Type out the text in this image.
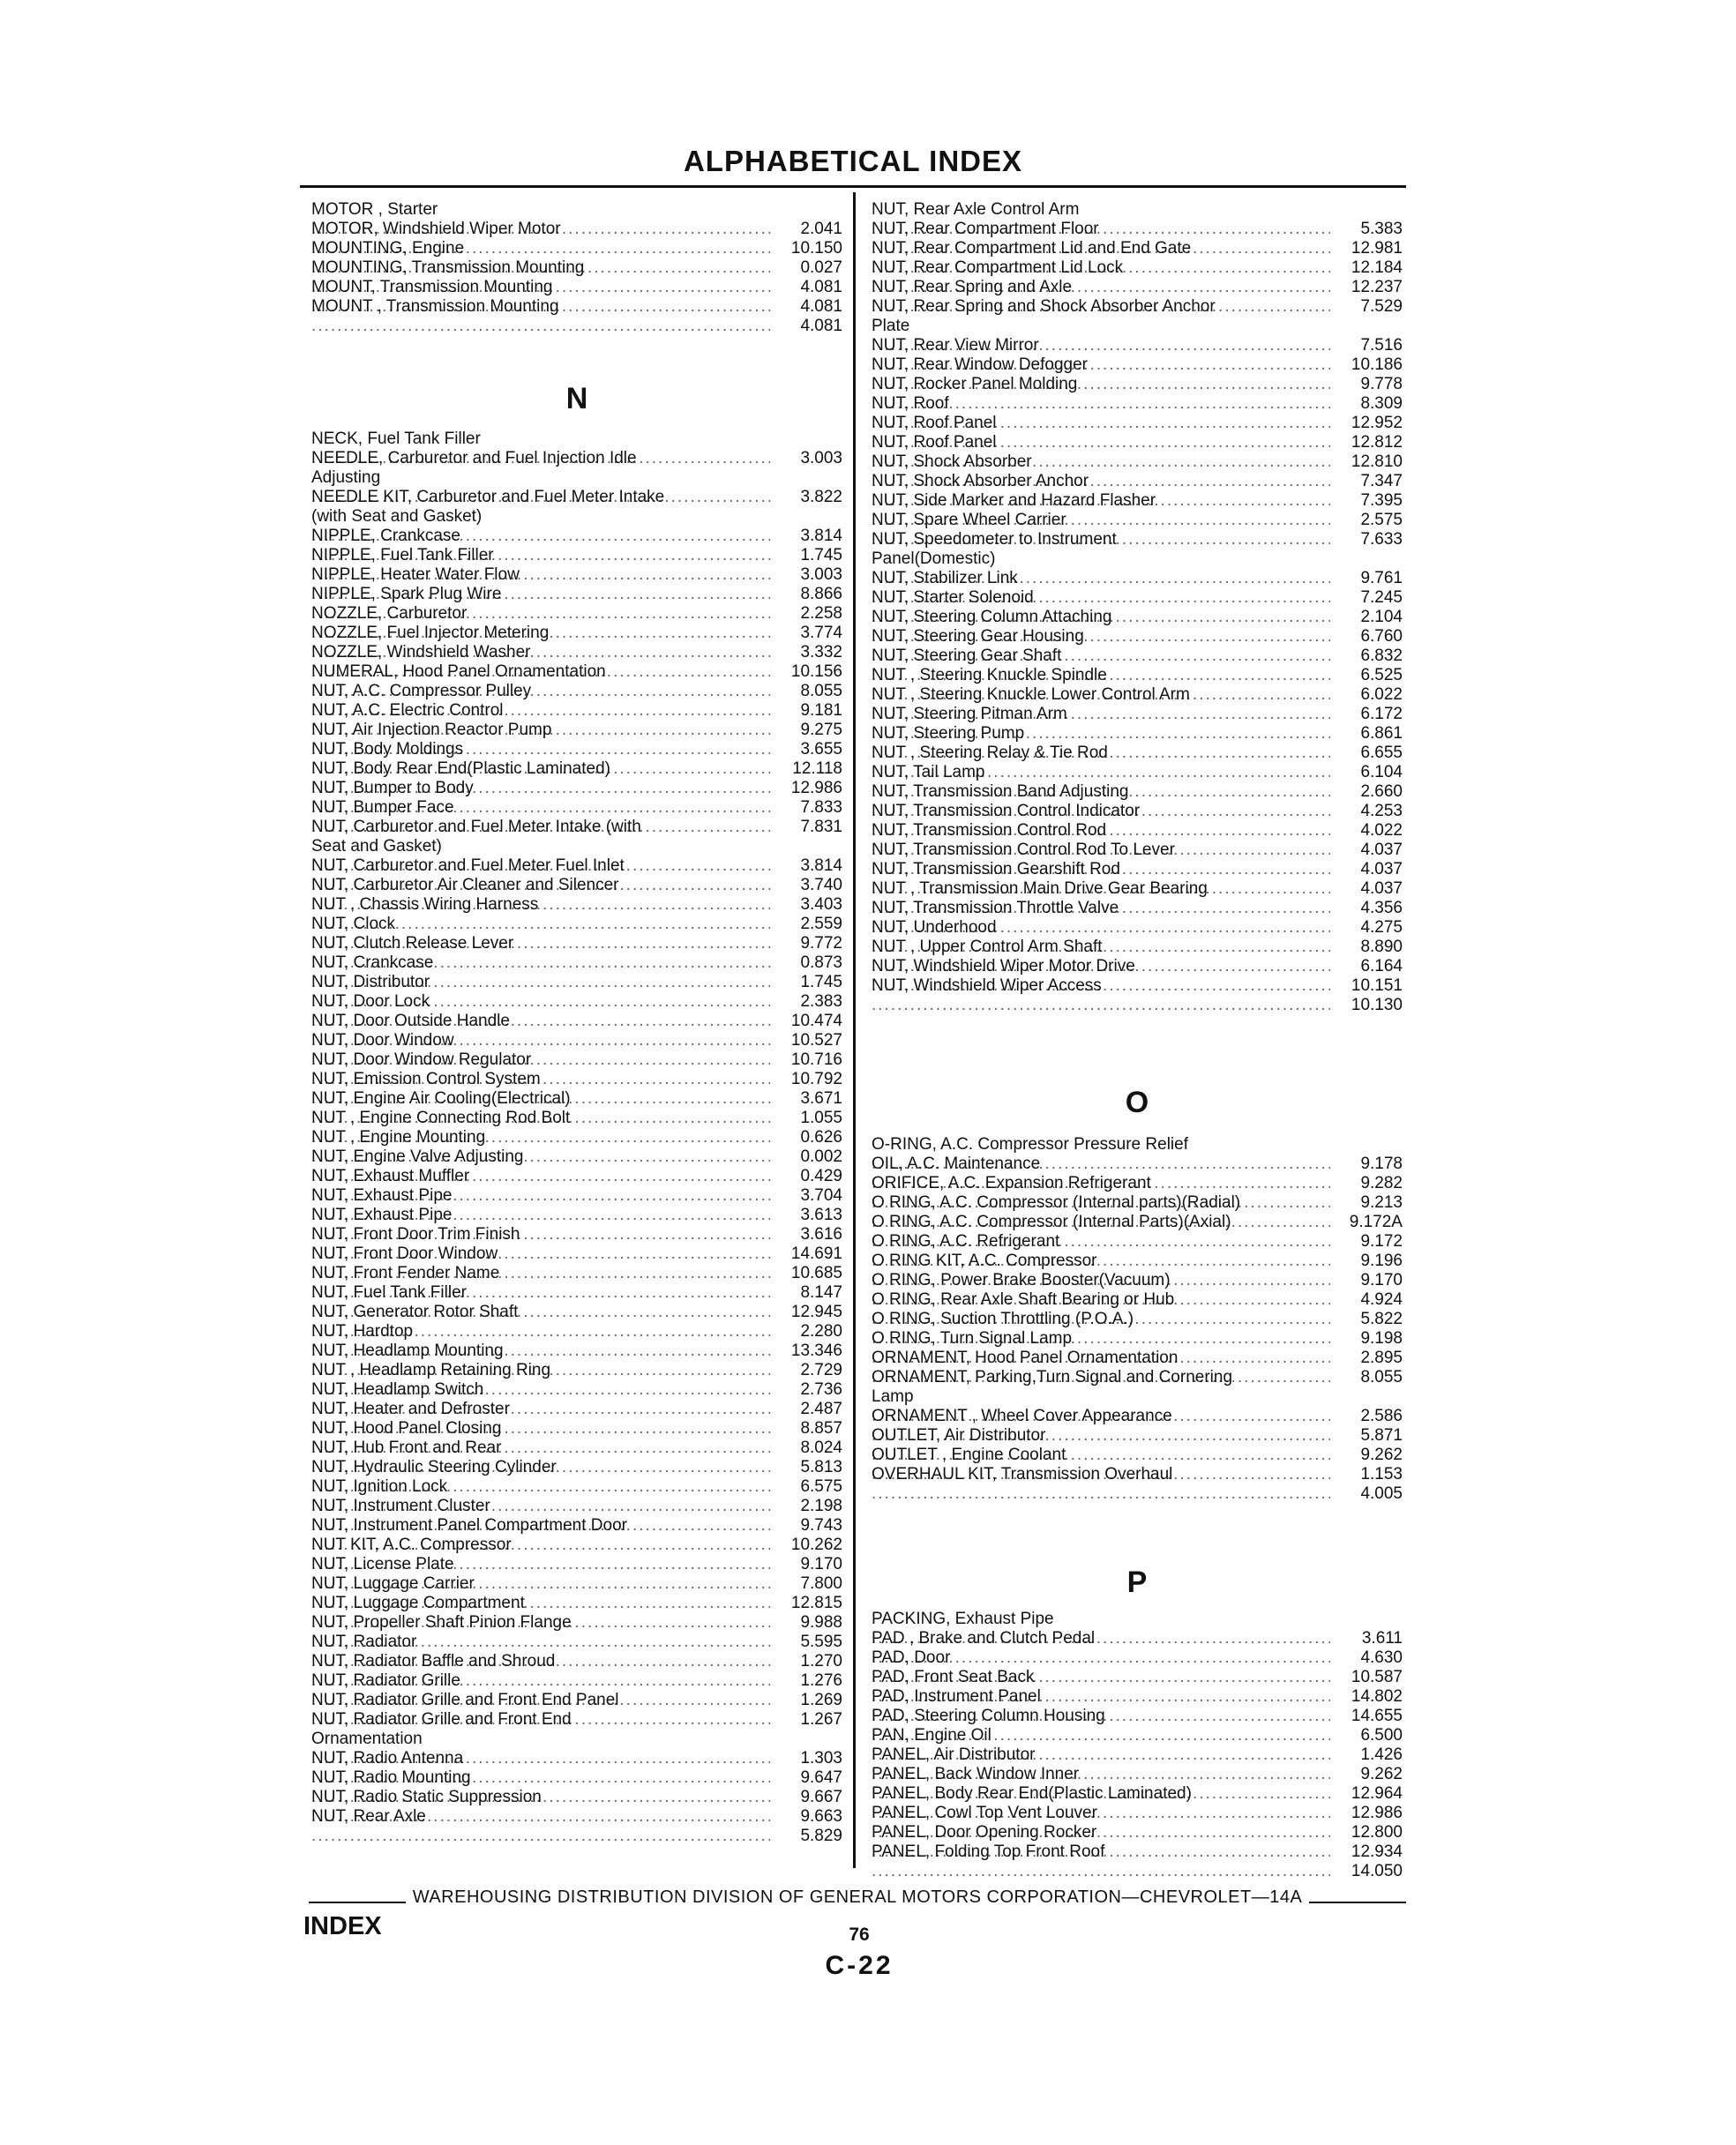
ALPHABETICAL INDEX
MOTOR , Starter .....
2.041
MOTOR, Windshield Wiper Motor .....
10.150
MOUNTING, Engine .....
0.027
MOUNTING, Transmission Mounting .....
4.081
MOUNT, Transmission Mounting .....
4.081
MOUNT , Transmission Mounting .....
4.081
N
NECK, Fuel Tank Filler .....
3.003
NEEDLE, Carburetor and Fuel Injection Idle
Adjusting .....
3.822
NEEDLE KIT, Carburetor and Fuel Meter Intake
(with Seat and Gasket) .....
3.814
NIPPLE, Crankcase .....
1.745
NIPPLE, Fuel Tank Filler .....
3.003
NIPPLE, Heater Water Flow .....
8.866
NIPPLE, Spark Plug Wire .....
2.258
NOZZLE, Carburetor .....
3.774
NOZZLE, Fuel Injector Metering .....
3.332
NOZZLE, Windshield Washer .....
10.156
NUMERAL, Hood Panel Ornamentation .....
8.055
NUT, A.C. Compressor Pulley .....
9.181
NUT, A.C. Electric Control .....
9.275
NUT, Air Injection Reactor Pump .....
3.655
NUT, Body Moldings .....
12.118
NUT, Body Rear End(Plastic Laminated) .....
12.986
NUT, Bumper to Body .....
7.833
NUT, Bumper Face .....
7.831
NUT, Carburetor and Fuel Meter Intake (with
Seat and Gasket) .....
3.814
NUT, Carburetor and Fuel Meter Fuel Inlet .....
3.740
NUT, Carburetor Air Cleaner and Silencer .....
3.403
NUT , Chassis Wiring Harness .....
2.559
NUT, Clock .....
9.772
NUT, Clutch Release Lever .....
0.873
NUT, Crankcase .....
1.745
NUT, Distributor .....
2.383
NUT, Door Lock .....
10.474
NUT, Door Outside Handle .....
10.527
NUT, Door Window .....
10.716
NUT, Door Window Regulator .....
10.792
NUT, Emission Control System .....
3.671
NUT, Engine Air Cooling(Electrical) .....
1.055
NUT , Engine Connecting Rod Bolt .....
0.626
NUT , Engine Mounting .....
0.002
NUT, Engine Valve Adjusting .....
0.429
NUT, Exhaust Muffler .....
3.704
NUT, Exhaust Pipe .....
3.613
NUT, Exhaust Pipe .....
3.616
NUT, Front Door Trim Finish .....
14.691
NUT, Front Door Window .....
10.685
NUT, Front Fender Name .....
8.147
NUT, Fuel Tank Filler .....
12.945
NUT, Generator Rotor Shaft .....
2.280
NUT, Hardtop .....
13.346
NUT, Headlamp Mounting .....
2.729
NUT , Headlamp Retaining Ring .....
2.736
NUT, Headlamp Switch .....
2.487
NUT, Heater and Defroster .....
8.857
NUT, Hood Panel Closing .....
8.024
NUT, Hub Front and Rear .....
5.813
NUT, Hydraulic Steering Cylinder .....
6.575
NUT, Ignition Lock .....
2.198
NUT, Instrument Cluster .....
9.743
NUT, Instrument Panel Compartment Door .....
10.262
NUT KIT, A.C. Compressor .....
9.170
NUT, License Plate .....
7.800
NUT, Luggage Carrier .....
12.815
NUT, Luggage Compartment .....
9.988
NUT, Propeller Shaft Pinion Flange .....
5.595
NUT, Radiator .....
1.270
NUT, Radiator Baffle and Shroud .....
1.276
NUT, Radiator Grille .....
1.269
NUT, Radiator Grille and Front End Panel .....
1.267
NUT, Radiator Grille and Front End
Ornamentation .....
1.303
NUT, Radio Antenna .....
9.647
NUT, Radio Mounting .....
9.667
NUT, Radio Static Suppression .....
9.663
NUT, Rear Axle .....
5.829
NUT, Rear Axle Control Arm .....
5.383
NUT, Rear Compartment Floor .....
12.981
NUT, Rear Compartment Lid and End Gate .....
12.184
NUT, Rear Compartment Lid Lock .....
12.237
NUT, Rear Spring and Axle .....
7.529
NUT, Rear Spring and Shock Absorber Anchor
Plate .....
7.516
NUT, Rear View Mirror .....
10.186
NUT, Rear Window Defogger .....
9.778
NUT, Rocker Panel Molding .....
8.309
NUT, Roof .....
12.952
NUT, Roof Panel .....
12.812
NUT, Roof Panel .....
12.810
NUT, Shock Absorber .....
7.347
NUT, Shock Absorber Anchor .....
7.395
NUT, Side Marker and Hazard Flasher .....
2.575
NUT, Spare Wheel Carrier .....
7.633
NUT, Speedometer to Instrument
Panel(Domestic) .....
9.761
NUT, Stabilizer Link .....
7.245
NUT, Starter Solenoid .....
2.104
NUT, Steering Column Attaching .....
6.760
NUT, Steering Gear Housing .....
6.832
NUT, Steering Gear Shaft .....
6.525
NUT , Steering Knuckle Spindle .....
6.022
NUT , Steering Knuckle Lower Control Arm .....
6.172
NUT, Steering Pitman Arm .....
6.861
NUT, Steering Pump .....
6.655
NUT , Steering Relay & Tie Rod .....
6.104
NUT, Tail Lamp .....
2.660
NUT, Transmission Band Adjusting .....
4.253
NUT, Transmission Control Indicator .....
4.022
NUT, Transmission Control Rod .....
4.037
NUT, Transmission Control Rod To Lever .....
4.037
NUT, Transmission Gearshift Rod .....
4.037
NUT , Transmission Main Drive Gear Bearing .....
4.356
NUT, Transmission Throttle Valve .....
4.275
NUT, Underhood .....
8.890
NUT , Upper Control Arm Shaft .....
6.164
NUT, Windshield Wiper Motor Drive .....
10.151
NUT, Windshield Wiper Access .....
10.130
O
O-RING, A.C. Compressor Pressure Relief .....
9.178
OIL, A.C. Maintenance .....
9.282
ORIFICE, A.C. Expansion Refrigerant .....
9.213
O RING, A.C. Compressor (Internal parts)(Radial) .....
9.172A
O RING, A.C. Compressor (Internal Parts)(Axial) .....
9.172
O RING, A.C. Refrigerant .....
9.196
O RING KIT, A.C. Compressor .....
9.170
O RING, Power Brake Booster(Vacuum) .....
4.924
O RING, Rear Axle Shaft Bearing or Hub .....
5.822
O RING, Suction Throttling (P.O.A.) .....
9.198
O RING, Turn Signal Lamp .....
2.895
ORNAMENT, Hood Panel Ornamentation .....
8.055
ORNAMENT, Parking,Turn Signal and Cornering
Lamp .....
2.586
ORNAMENT , Wheel Cover Appearance .....
5.871
OUTLET, Air Distributor .....
9.262
OUTLET , Engine Coolant .....
1.153
OVERHAUL KIT, Transmission Overhaul .....
4.005
P
PACKING, Exhaust Pipe .....
3.611
PAD , Brake and Clutch Pedal .....
4.630
PAD, Door .....
10.587
PAD, Front Seat Back .....
14.802
PAD, Instrument Panel .....
14.655
PAD, Steering Column Housing .....
6.500
PAN, Engine Oil .....
1.426
PANEL, Air Distributor .....
9.262
PANEL, Back Window Inner .....
12.964
PANEL, Body Rear End(Plastic Laminated) .....
12.986
PANEL, Cowl Top Vent Louver .....
12.800
PANEL, Door Opening Rocker .....
12.934
PANEL, Folding Top Front Roof .....
14.050
WAREHOUSING DISTRIBUTION DIVISION OF GENERAL MOTORS CORPORATION—CHEVROLET—14A
INDEX	76
C-22
